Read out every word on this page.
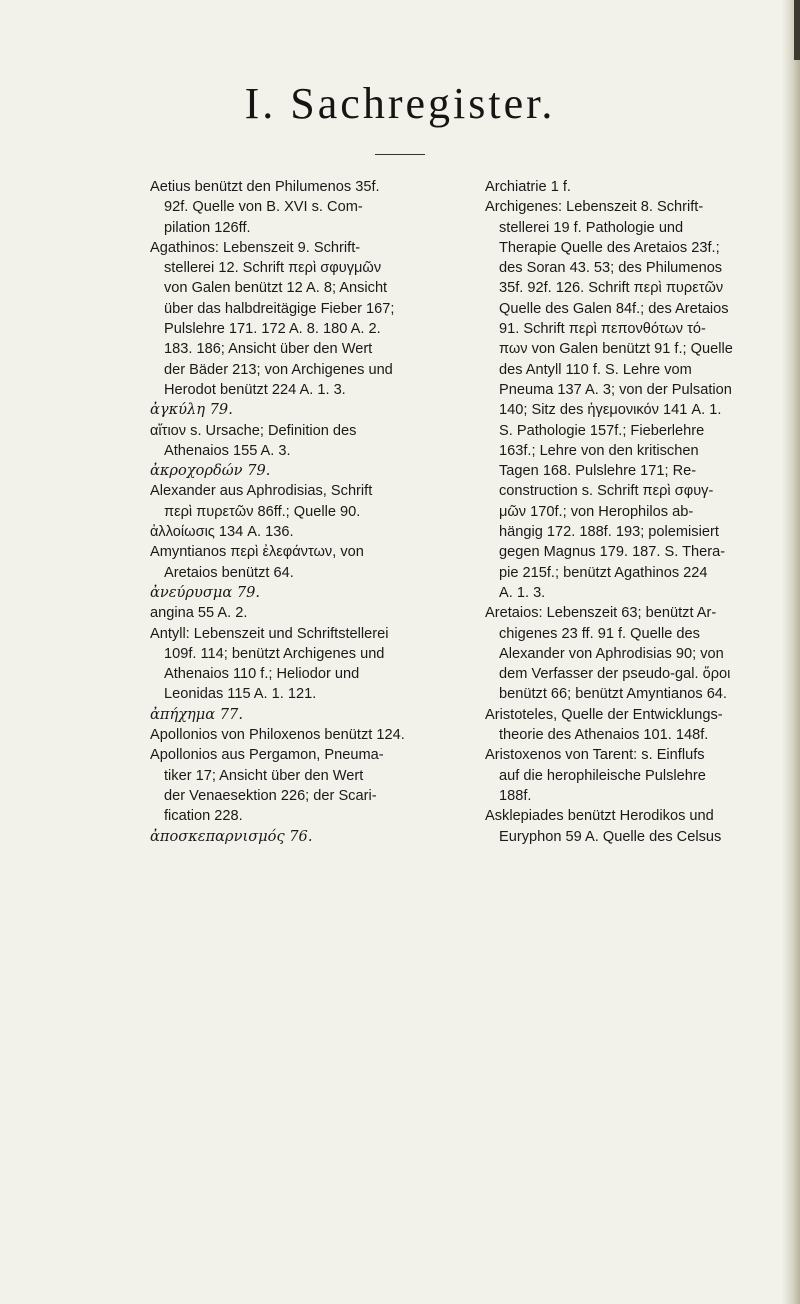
I. Sachregister.
Aetius benützt den Philumenos 35f.
92f. Quelle von B. XVI s. Com-
pilation 126ff.
Agathinos: Lebenszeit 9. Schrift-
stellerei 12. Schrift περὶ σφυγμῶν
von Galen benützt 12 A. 8; Ansicht
über das halbdreitägige Fieber 167;
Pulslehre 171. 172 A. 8. 180 A. 2.
183. 186; Ansicht über den Wert
der Bäder 213; von Archigenes und
Herodot benützt 224 A. 1. 3.
ἀγκύλη 79.
αἴτιον s. Ursache; Definition des
Athenaios 155 A. 3.
ἀκροχορδών 79.
Alexander aus Aphrodisias, Schrift
περὶ πυρετῶν 86ff.; Quelle 90.
ἀλλοίωσις 134 A. 136.
Amyntianos περὶ ἐλεφάντων, von
Aretaios benützt 64.
ἀνεύρυσμα 79.
angina 55 A. 2.
Antyll: Lebenszeit und Schriftstellerei
109f. 114; benützt Archigenes und
Athenaios 110 f.; Heliodor und
Leonidas 115 A. 1. 121.
ἀπήχημα 77.
Apollonios von Philoxenos benützt 124.
Apollonios aus Pergamon, Pneuma-
tiker 17; Ansicht über den Wert
der Venaesektion 226; der Scari-
fication 228.
ἀποσκεπαρνισμός 76.
Archiatrie 1 f.
Archigenes: Lebenszeit 8. Schrift-
stellerei 19 f. Pathologie und
Therapie Quelle des Aretaios 23f.;
des Soran 43. 53; des Philumenos
35f. 92f. 126. Schrift περὶ πυρετῶν
Quelle des Galen 84f.; des Aretaios
91. Schrift περὶ πεπονθότων τό-
πων von Galen benützt 91 f.; Quelle
des Antyll 110 f. S. Lehre vom
Pneuma 137 A. 3; von der Pulsation
140; Sitz des ἡγεμονικόν 141 A. 1.
S. Pathologie 157f.; Fieberlehre
163f.; Lehre von den kritischen
Tagen 168. Pulslehre 171; Re-
construction s. Schrift περὶ σφυγ-
μῶν 170f.; von Herophilos ab-
hängig 172. 188f. 193; polemisiert
gegen Magnus 179. 187. S. Thera-
pie 215f.; benützt Agathinos 224
A. 1. 3.
Aretaios: Lebenszeit 63; benützt Ar-
chigenes 23 ff. 91 f. Quelle des
Alexander von Aphrodisias 90; von
dem Verfasser der pseudo-gal. ὅροι
benützt 66; benützt Amyntianos 64.
Aristoteles, Quelle der Entwicklungs-
theorie des Athenaios 101. 148f.
Aristoxenos von Tarent: s. Einflufs
auf die herophileische Pulslehre
188f.
Asklepiades benützt Herodikos und
Euryphon 59 A. Quelle des Celsus
